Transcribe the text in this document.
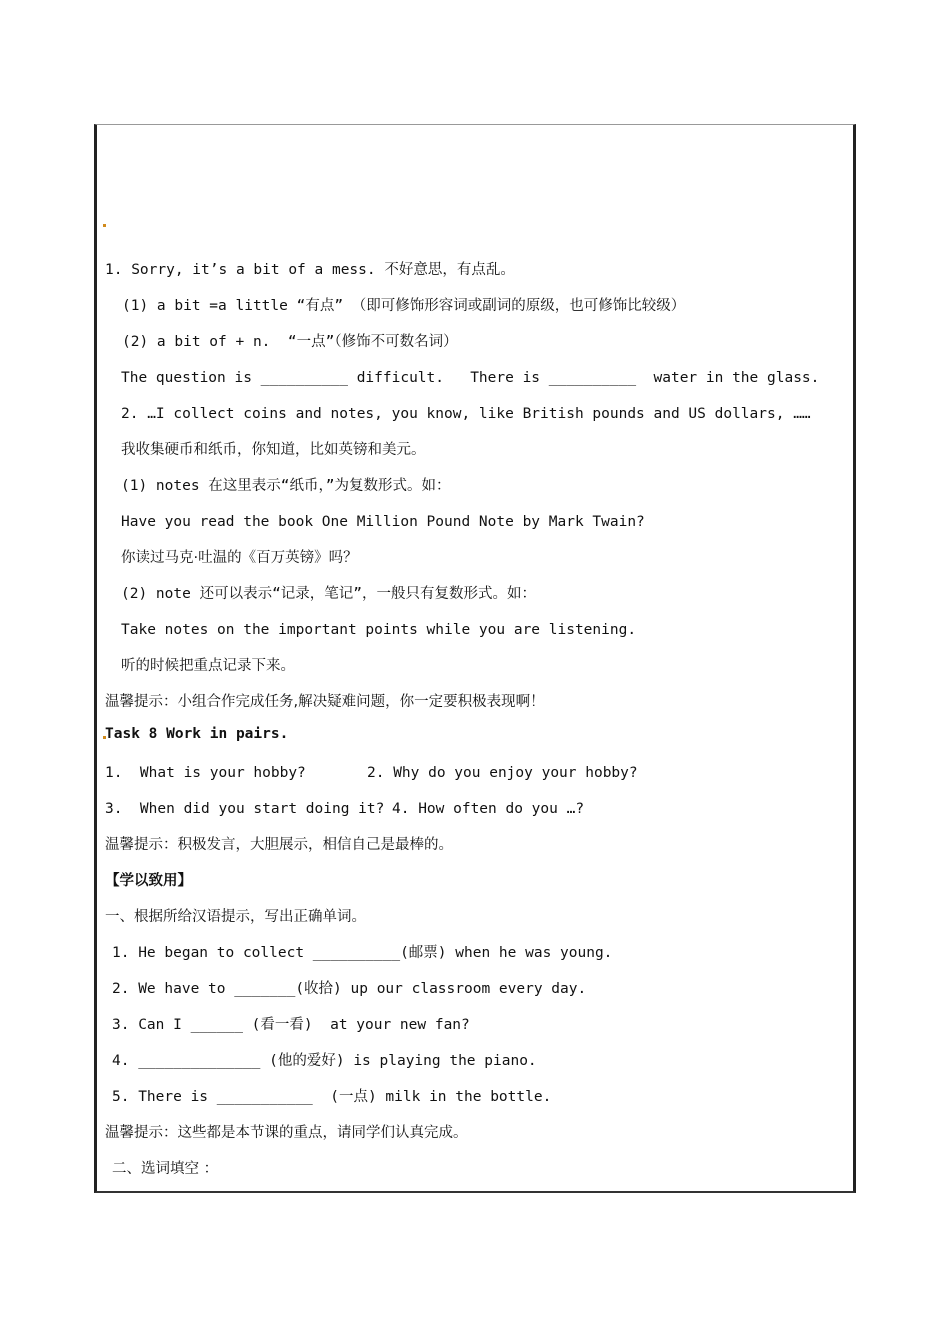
1. Sorry, it’s a bit of a mess. 不好意思，有点乱。
(1) a bit =a little “有点” （即可修饰形容词或副词的原级，也可修饰比较级）
(2) a bit of + n.  “一点”（修饰不可数名词）
The question is __________ difficult.   There is __________  water in the glass.
2. …I collect coins and notes, you know, like British pounds and US dollars, ……
我收集硬币和纸币，你知道，比如英镑和美元。
(1) notes 在这里表示“纸币，”为复数形式。如：
Have you read the book One Million Pound Note by Mark Twain?
你读过马克·吐温的《百万英镑》吗？
(2) note 还可以表示“记录，笔记”，一般只有复数形式。如：
Take notes on the important points while you are listening.
听的时候把重点记录下来。
温馨提示：小组合作完成任务,解决疑难问题，你一定要积极表现啊！
Task 8 Work in pairs.
1.  What is your hobby?	2. Why do you enjoy your hobby?
3.  When did you start doing it? 4. How often do you …?
温馨提示：积极发言，大胆展示，相信自己是最棒的。
【学以致用】
一、根据所给汉语提示，写出正确单词。
1. He began to collect __________(邮票) when he was young.
2. We have to _______(收拾) up our classroom every day.
3. Can I ______ (看一看)  at your new fan?
4. ______________ (他的爱好) is playing the piano.
5. There is ___________  (一点) milk in the bottle.
温馨提示：这些都是本节课的重点，请同学们认真完成。
二、选词填空 ：
